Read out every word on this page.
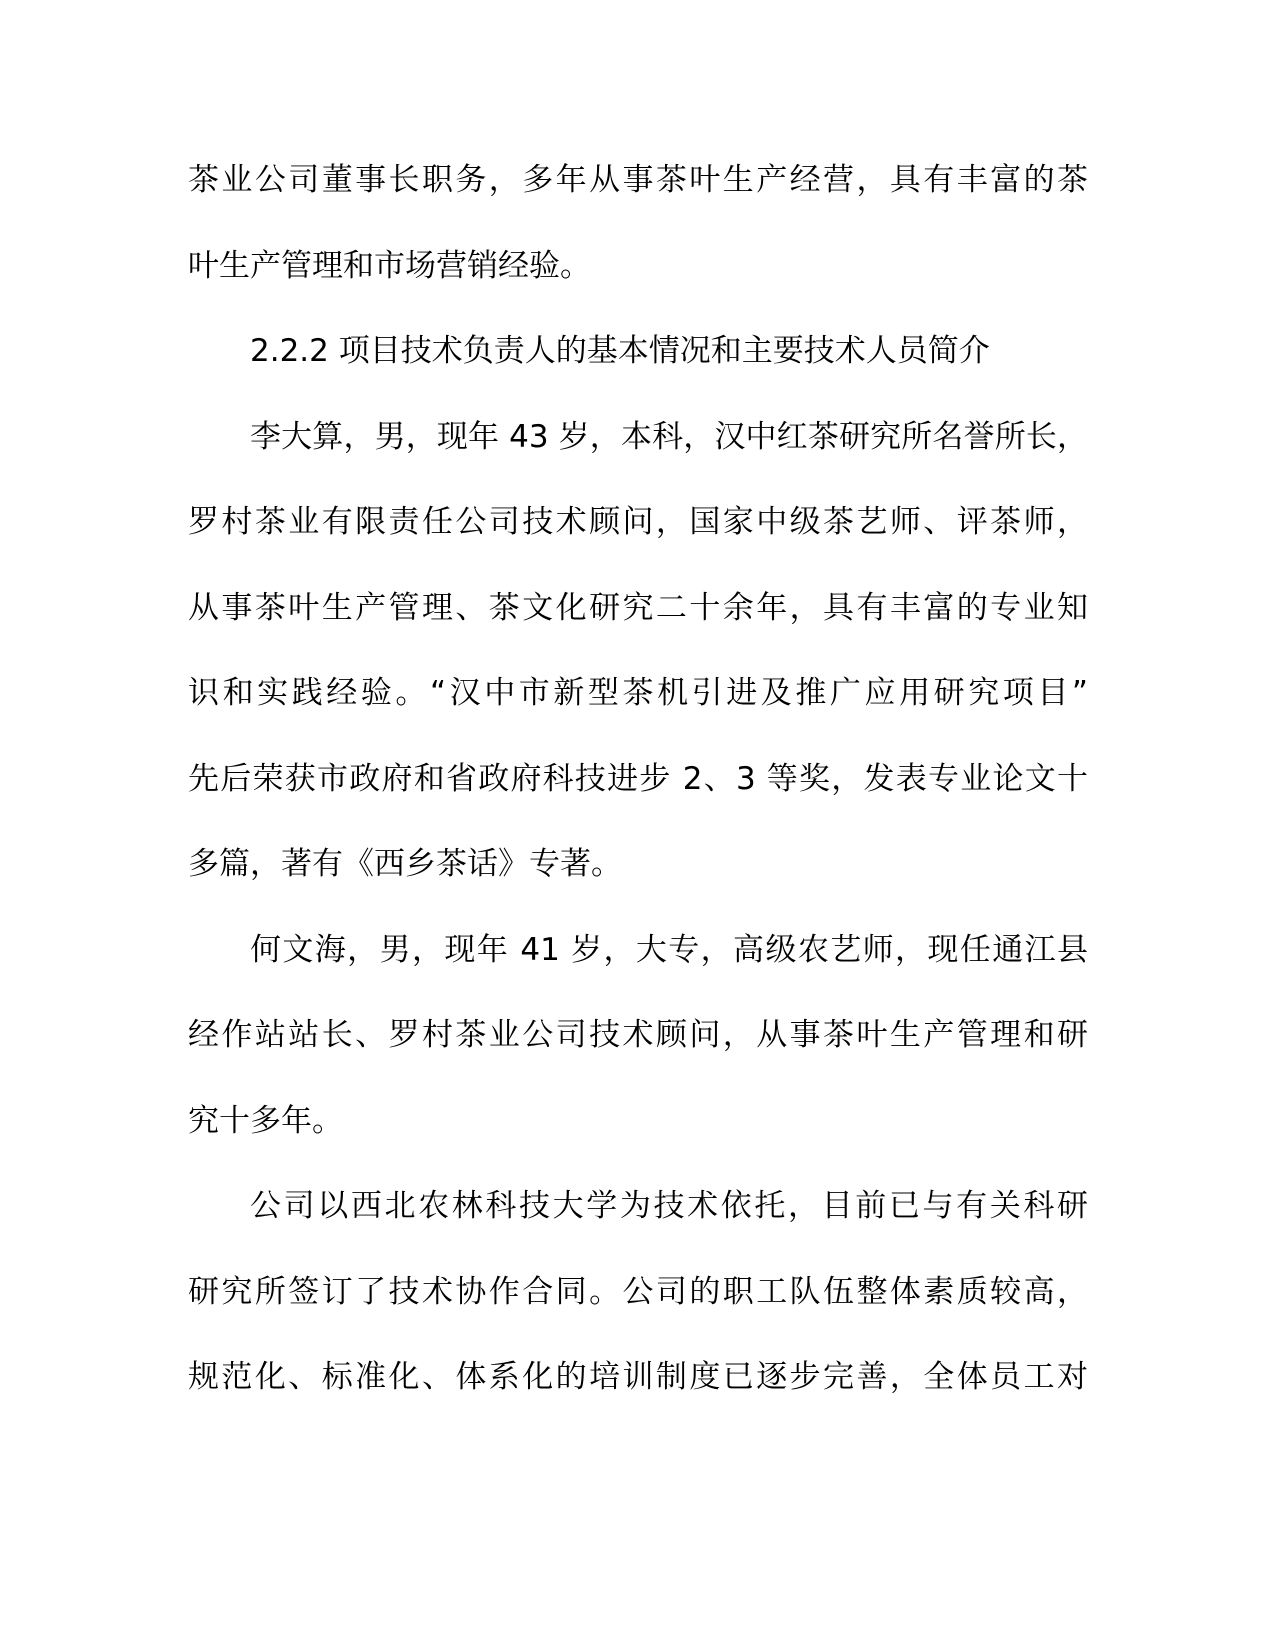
茶业公司董事长职务，多年从事茶叶生产经营，具有丰富的茶
叶生产管理和市场营销经验。
2.2.2 项目技术负责人的基本情况和主要技术人员简介
李大算，男，现年 43 岁，本科，汉中红茶研究所名誉所长，
罗村茶业有限责任公司技术顾问，国家中级茶艺师、评茶师，
从事茶叶生产管理、茶文化研究二十余年，具有丰富的专业知
识和实践经验。“汉中市新型茶机引进及推广应用研究项目”
先后荣获市政府和省政府科技进步 2、3 等奖，发表专业论文十
多篇，著有《西乡茶话》专著。
何文海，男，现年 41 岁，大专，高级农艺师，现任通江县
经作站站长、罗村茶业公司技术顾问，从事茶叶生产管理和研
究十多年。
公司以西北农林科技大学为技术依托，目前已与有关科研
研究所签订了技术协作合同。公司的职工队伍整体素质较高，
规范化、标准化、体系化的培训制度已逐步完善，全体员工对
